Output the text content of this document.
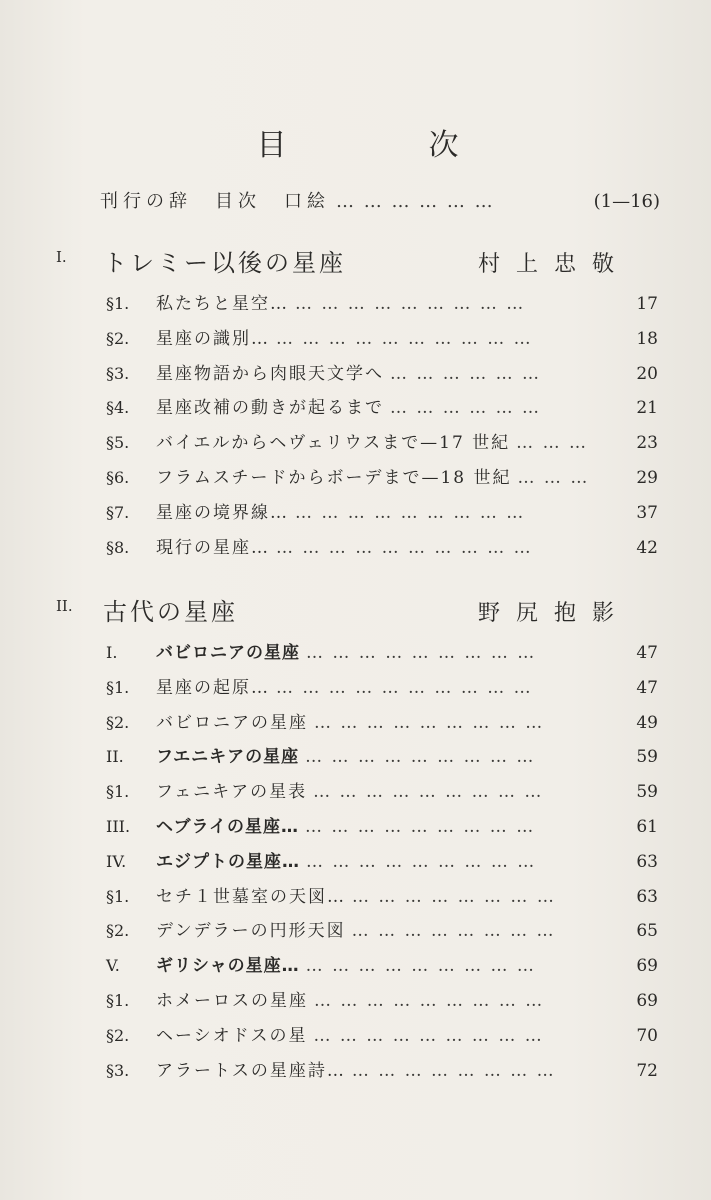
目　次
刊行の辞　目次　口絵 … … … … … …	(1—16)
I. トレミー以後の星座	村上忠敬
§1.	私たちと星空… … … … … … … … … …	17
§2.	星座の識別… … … … … … … … … … …	18
§3.	星座物語から肉眼天文学へ … … … … … …	20
§4.	星座改補の動きが起るまで … … … … … …	21
§5.	バイエルからヘヴェリウスまで—17 世紀 … … …	23
§6.	フラムスチードからボーデまで—18 世紀 … … …	29
§7.	星座の境界線… … … … … … … … … …	37
§8.	現行の星座… … … … … … … … … … …	42
II. 古代の星座	野尻抱影
I.	バビロニアの星座 … … … … … … … … …	47
§1.	星座の起原… … … … … … … … … … …	47
§2.	バビロニアの星座 … … … … … … … … …	49
II.	フエニキアの星座 … … … … … … … … …	59
§1.	フェニキアの星表 … … … … … … … … …	59
III.	ヘブライの星座… … … … … … … … … …	61
IV.	エジプトの星座… … … … … … … … … …	63
§1.	セチ１世墓室の天図… … … … … … … … …	63
§2.	デンデラーの円形天図 … … … … … … … …	65
V.	ギリシャの星座… … … … … … … … … …	69
§1.	ホメーロスの星座 … … … … … … … … …	69
§2.	ヘーシオドスの星 … … … … … … … … …	70
§3.	アラートスの星座詩… … … … … … … … …	72
